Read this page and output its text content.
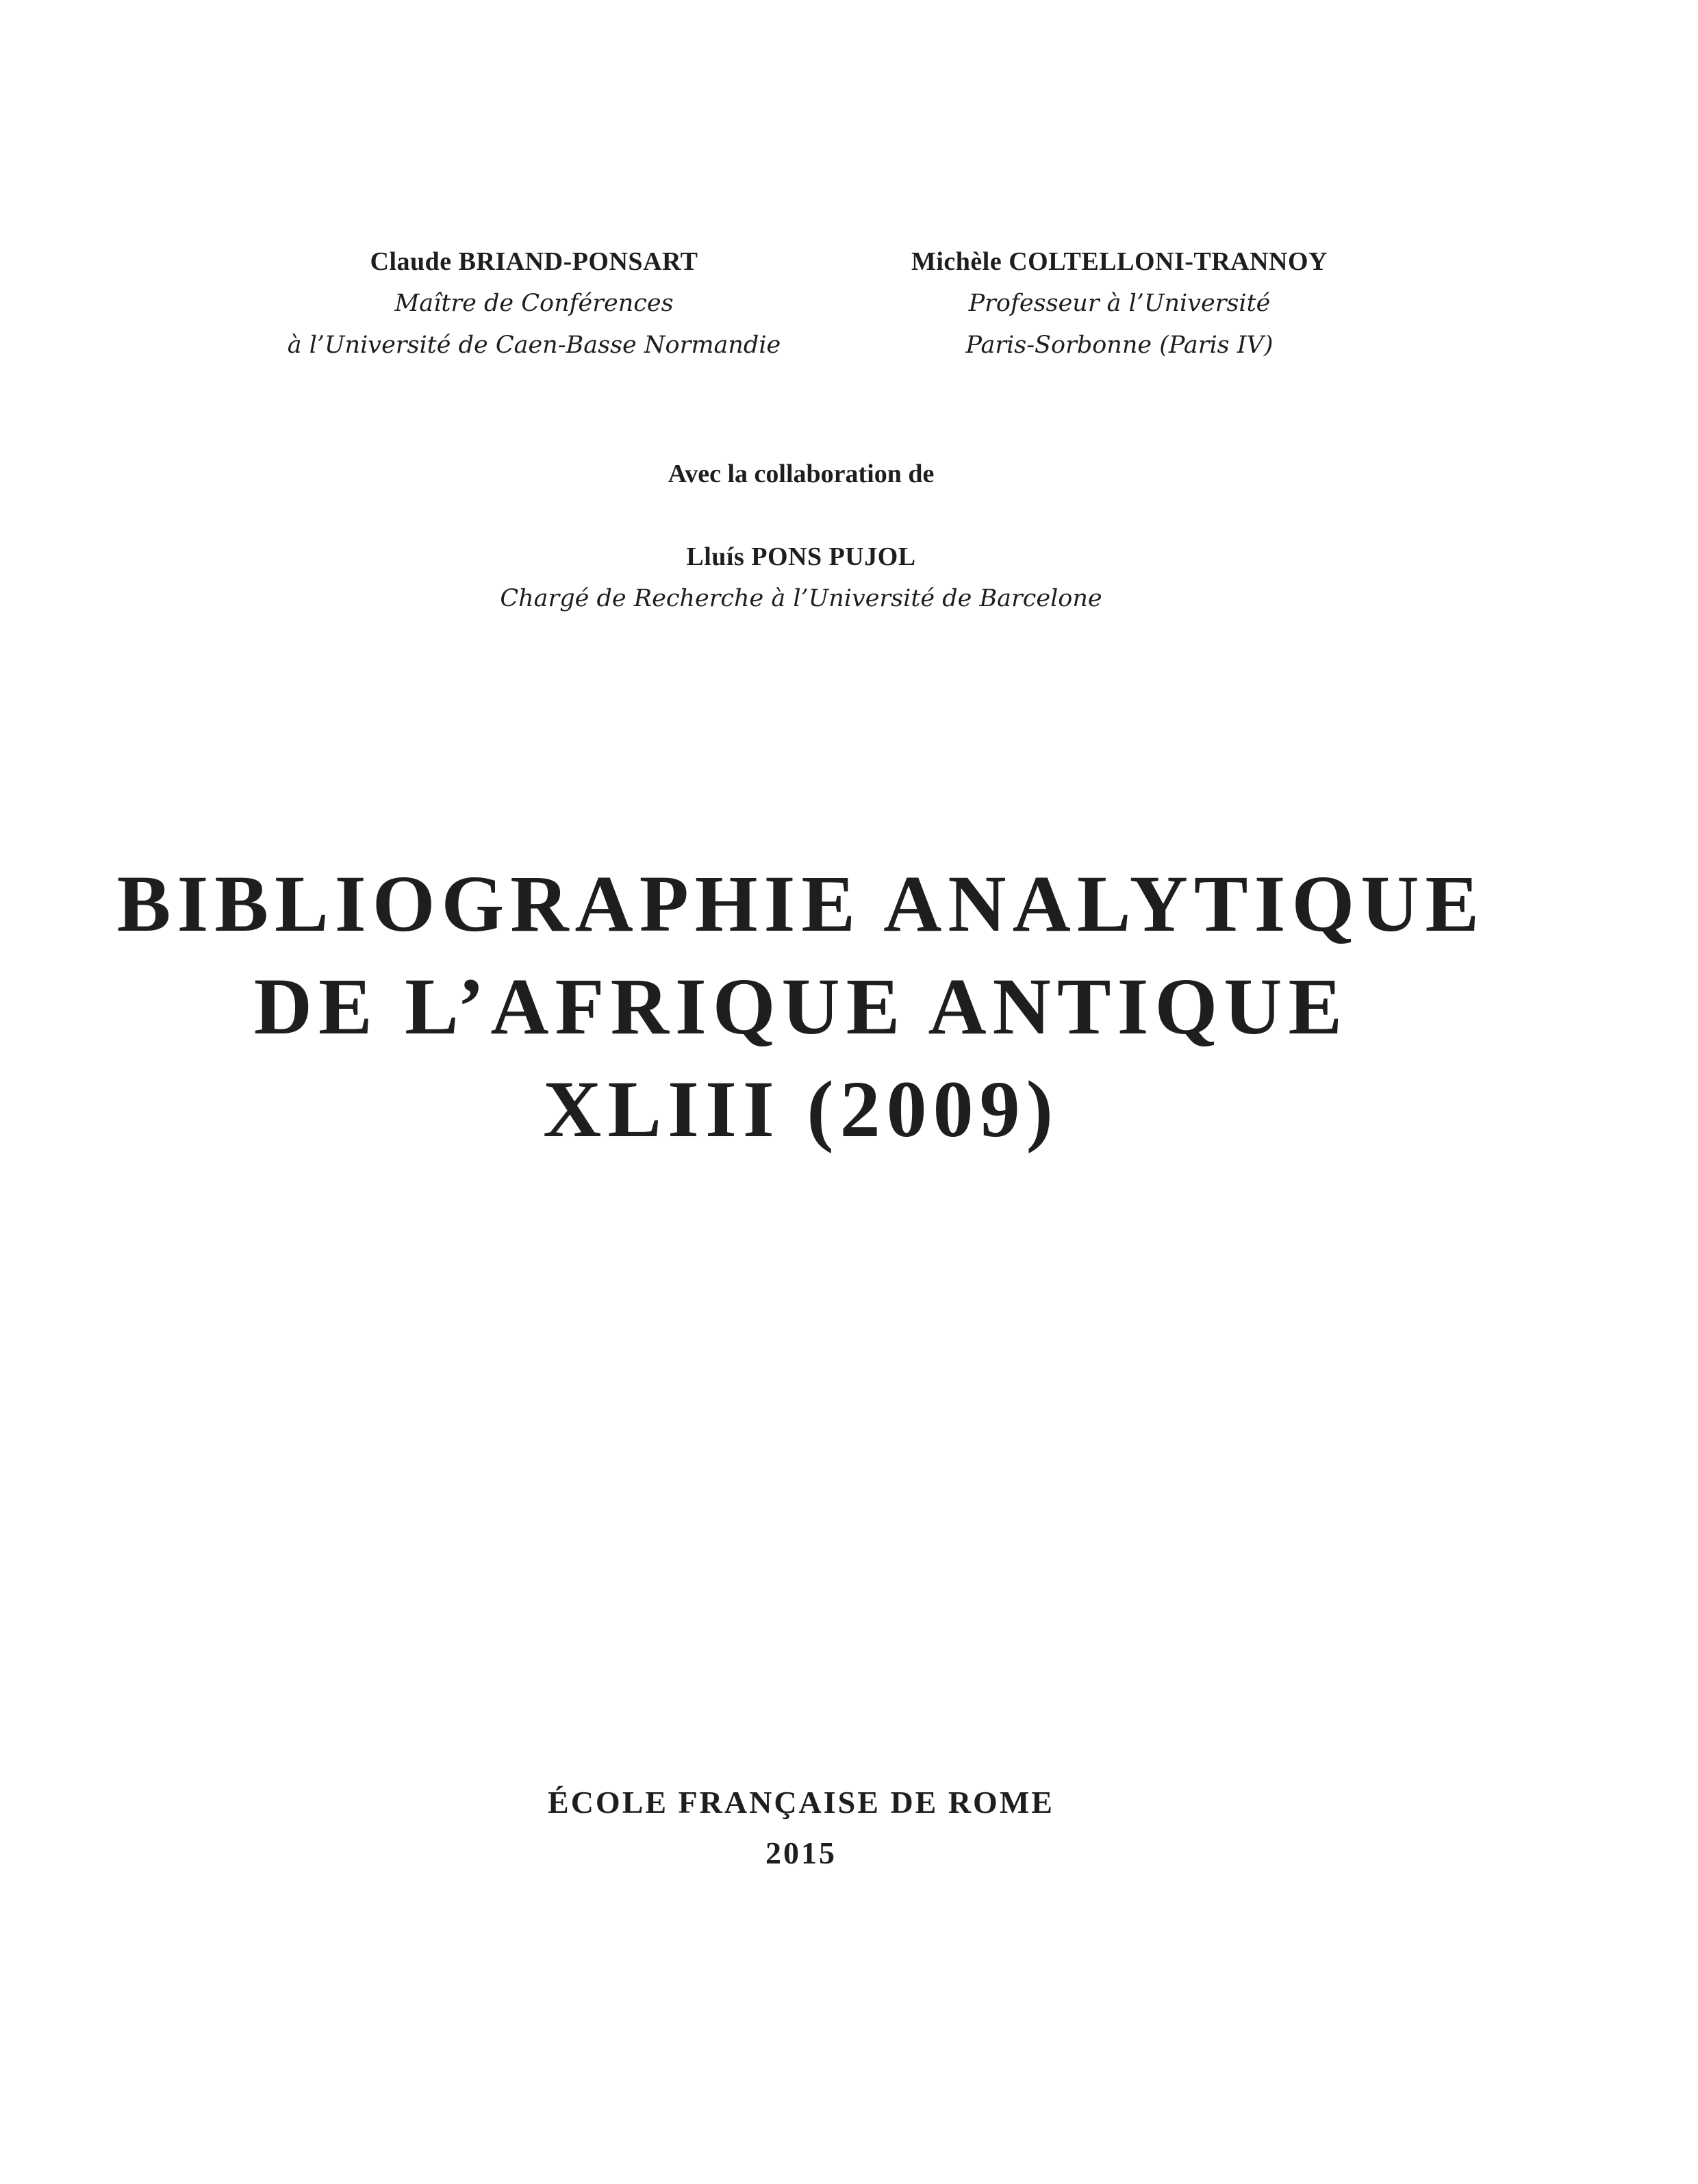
Claude BRIAND-PONSART
Maître de Conférences
à l’Université de Caen-Basse Normandie
Michèle COLTELLONI-TRANNOY
Professeur à l’Université
Paris-Sorbonne (Paris IV)
Avec la collaboration de
Lluís PONS PUJOL
Chargé de Recherche à l’Université de Barcelone
BIBLIOGRAPHIE ANALYTIQUE
DE L’AFRIQUE ANTIQUE
XLIII (2009)
ÉCOLE FRANÇAISE DE ROME
2015
